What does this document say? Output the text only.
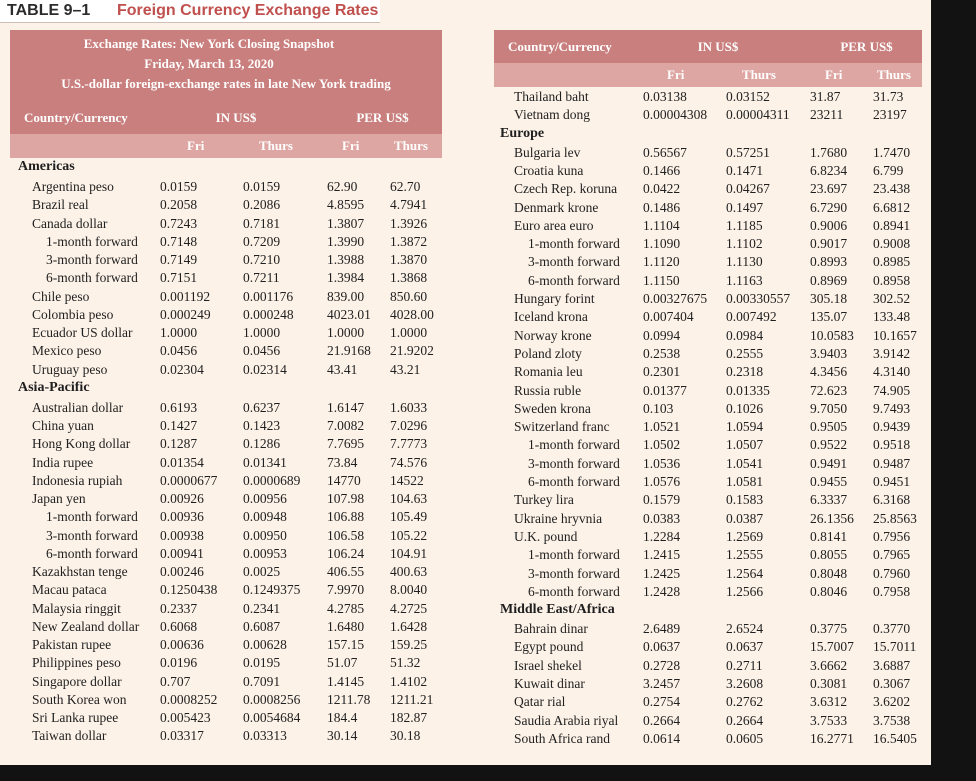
TABLE 9–1 Foreign Currency Exchange Rates
Exchange Rates: New York Closing Snapshot
Friday, March 13, 2020
U.S.-dollar foreign-exchange rates in late New York trading
Country/Currency	IN US$	PER US$
Fri	Thurs	Fri	Thurs
Country/Currency	IN US$	PER US$
Fri	Thurs	Fri	Thurs
Americas
Argentina peso	0.0159	0.0159	62.90 62.70
Brazil real	0.2058	0.2086	4.8595 4.7941
Canada dollar	0.7243	0.7181	1.3807 1.3926
1-month forward 0.7148	0.7209	1.3990 1.3872
3-month forward 0.7149	0.7210	1.3988 1.3870
6-month forward 0.7151	0.7211	1.3984 1.3868
Chile peso	0.001192 0.001176	839.00 850.60
Colombia peso	0.000249 0.000248 4023.01 4028.00
Ecuador US dollar 1.0000	1.0000	1.0000 1.0000
Mexico peso	0.0456	0.0456	21.9168 21.9202
Uruguay peso	0.02304	0.02314	43.41 43.21
Asia-Pacific
Australian dollar	0.6193	0.6237	1.6147 1.6033
China yuan	0.1427	0.1423	7.0082 7.0296
Hong Kong dollar 0.1287	0.1286	7.7695 7.7773
India rupee	0.01354	0.01341	73.84 74.576
Indonesia rupiah	0.0000677 0.0000689 14770 14522
Japan yen	0.00926	0.00956	107.98 104.63
1-month forward 0.00936	0.00948	106.88 105.49
3-month forward 0.00938	0.00950	106.58 105.22
6-month forward 0.00941	0.00953	106.24 104.91
Kazakhstan tenge 0.00246	0.0025	406.55 400.63
Macau pataca	0.1250438 0.1249375 7.9970 8.0040
Malaysia ringgit	0.2337	0.2341	4.2785 4.2725
New Zealand dollar 0.6068	0.6087	1.6480 1.6428
Pakistan rupee	0.00636	0.00628	157.15 159.25
Philippines peso	0.0196	0.0195	51.07 51.32
Singapore dollar	0.707	0.7091	1.4145 1.4102
South Korea won 0.0008252 0.0008256 1211.78 1211.21
Sri Lanka rupee	0.005423 0.0054684 184.4 182.87
Taiwan dollar	0.03317	0.03313	30.14 30.18
Thailand baht	0.03138	0.03152	31.87 31.73
Vietnam dong	0.00004308 0.00004311 23211 23197
Europe
Bulgaria lev	0.56567	0.57251	1.7680 1.7470
Croatia kuna	0.1466	0.1471	6.8234 6.799
Czech Rep. koruna 0.0422	0.04267	23.697 23.438
Denmark krone	0.1486	0.1497	6.7290 6.6812
Euro area euro	1.1104	1.1185	0.9006 0.8941
1-month forward 1.1090	1.1102	0.9017 0.9008
3-month forward 1.1120	1.1130	0.8993 0.8985
6-month forward 1.1150	1.1163	0.8969 0.8958
Hungary forint	0.00327675 0.00330557 305.18 302.52
Iceland krona	0.007404 0.007492 135.07 133.48
Norway krone	0.0994	0.0984	10.0583 10.1657
Poland zloty	0.2538	0.2555	3.9403 3.9142
Romania leu	0.2301	0.2318	4.3456 4.3140
Russia ruble	0.01377	0.01335	72.623 74.905
Sweden krona	0.103	0.1026	9.7050 9.7493
Switzerland franc 1.0521	1.0594	0.9505 0.9439
1-month forward 1.0502	1.0507	0.9522 0.9518
3-month forward 1.0536	1.0541	0.9491 0.9487
6-month forward 1.0576	1.0581	0.9455 0.9451
Turkey lira	0.1579	0.1583	6.3337 6.3168
Ukraine hryvnia	0.0383	0.0387	26.1356 25.8563
U.K. pound	1.2284	1.2569	0.8141 0.7956
1-month forward 1.2415	1.2555	0.8055 0.7965
3-month forward 1.2425	1.2564	0.8048 0.7960
6-month forward 1.2428	1.2566	0.8046 0.7958
Middle East/Africa
Bahrain dinar	2.6489	2.6524	0.3775 0.3770
Egypt pound	0.0637	0.0637	15.7007 15.7011
Israel shekel	0.2728	0.2711	3.6662 3.6887
Kuwait dinar	3.2457	3.2608	0.3081 0.3067
Qatar rial	0.2754	0.2762	3.6312 3.6202
Saudia Arabia riyal 0.2664	0.2664	3.7533 3.7538
South Africa rand 0.0614	0.0605	16.2771 16.5405
